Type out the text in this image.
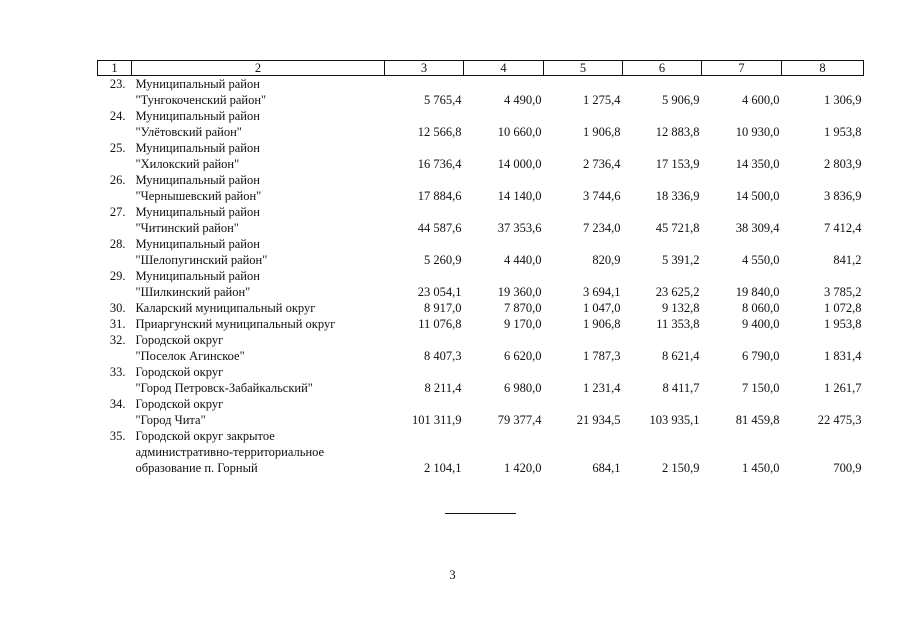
1	2	3	4	5	6	7	8
23.	Муниципальный район
"Тунгокоченский район"	5 765,4	4 490,0	1 275,4	5 906,9	4 600,0	1 306,9
24.	Муниципальный район
"Улётовский район"	12 566,8	10 660,0	1 906,8	12 883,8	10 930,0	1 953,8
25.	Муниципальный район
"Хилокский район"	16 736,4	14 000,0	2 736,4	17 153,9	14 350,0	2 803,9
26.	Муниципальный район
"Чернышевский район"	17 884,6	14 140,0	3 744,6	18 336,9	14 500,0	3 836,9
27.	Муниципальный район
"Читинский район"	44 587,6	37 353,6	7 234,0	45 721,8	38 309,4	7 412,4
28.	Муниципальный район
"Шелопугинский район"	5 260,9	4 440,0	820,9	5 391,2	4 550,0	841,2
29.	Муниципальный район
"Шилкинский район"	23 054,1	19 360,0	3 694,1	23 625,2	19 840,0	3 785,2
30.	Каларский муниципальный округ	8 917,0	7 870,0	1 047,0	9 132,8	8 060,0	1 072,8
31.	Приаргунский муниципальный округ	11 076,8	9 170,0	1 906,8	11 353,8	9 400,0	1 953,8
32.	Городской округ
"Поселок Агинское"	8 407,3	6 620,0	1 787,3	8 621,4	6 790,0	1 831,4
33.	Городской округ
"Город Петровск-Забайкальский"	8 211,4	6 980,0	1 231,4	8 411,7	7 150,0	1 261,7
34.	Городской округ
"Город Чита"	101 311,9	79 377,4	21 934,5	103 935,1	81 459,8	22 475,3
35.	Городской округ закрытое
административно-территориальное
образование п. Горный	2 104,1	1 420,0	684,1	2 150,9	1 450,0	700,9
3
